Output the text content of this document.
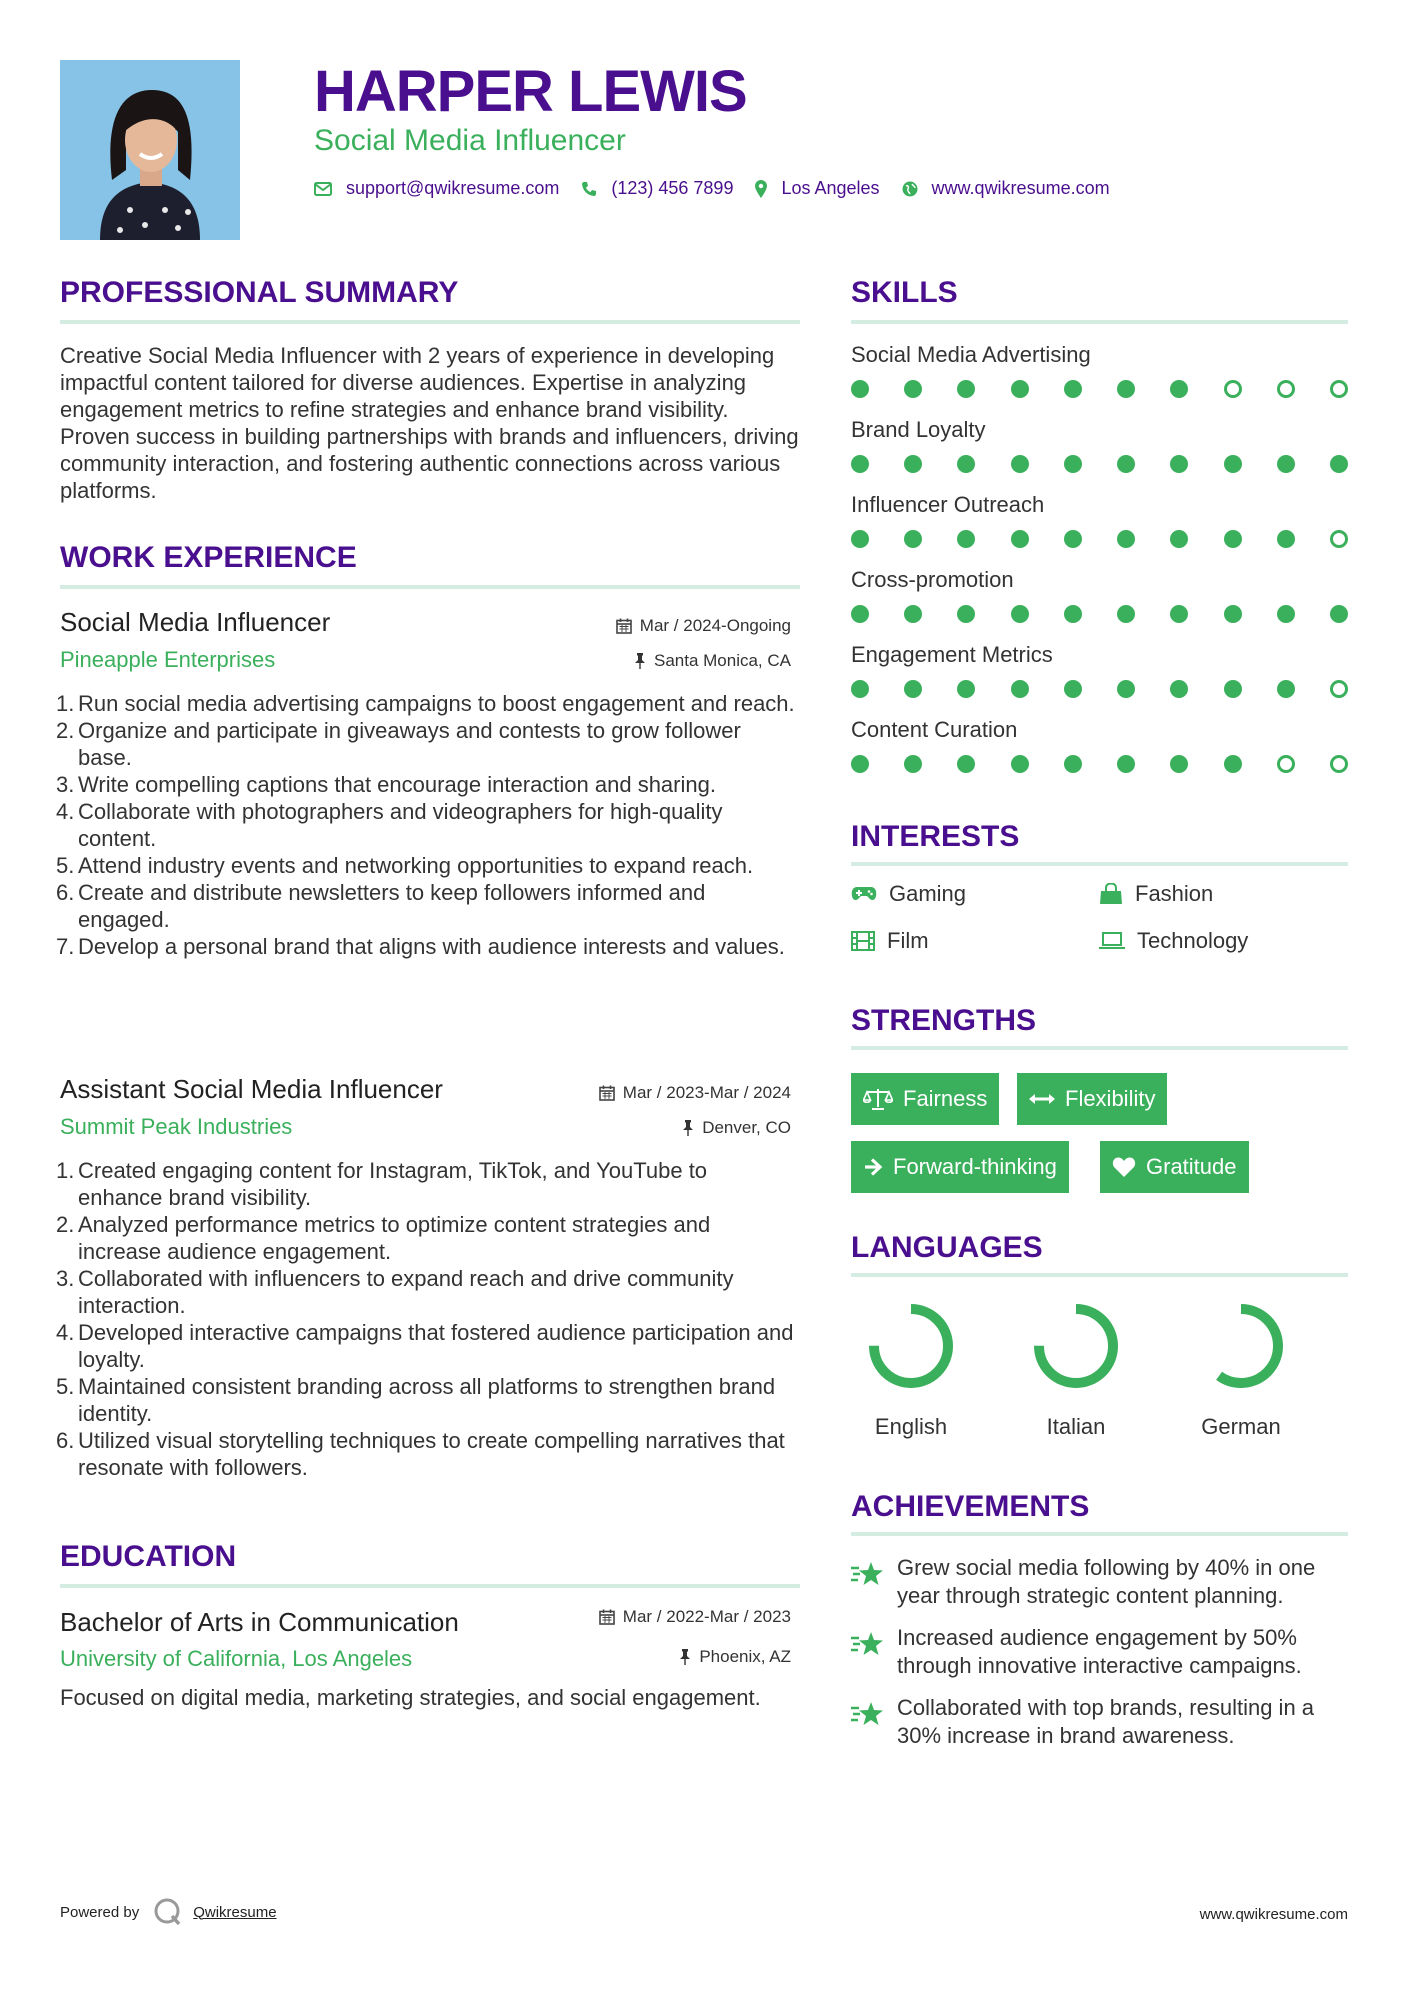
HARPER LEWIS
Social Media Influencer
support@qwikresume.com	(123) 456 7899	Los Angeles	www.qwikresume.com
PROFESSIONAL SUMMARY
Creative Social Media Influencer with 2 years of experience in developing impactful content tailored for diverse audiences. Expertise in analyzing engagement metrics to refine strategies and enhance brand visibility. Proven success in building partnerships with brands and influencers, driving community interaction, and fostering authentic connections across various platforms.
WORK EXPERIENCE
Social Media Influencer	Mar / 2024-Ongoing
Pineapple Enterprises	Santa Monica, CA
1. Run social media advertising campaigns to boost engagement and reach.
2. Organize and participate in giveaways and contests to grow follower base.
3. Write compelling captions that encourage interaction and sharing.
4. Collaborate with photographers and videographers for high-quality content.
5. Attend industry events and networking opportunities to expand reach.
6. Create and distribute newsletters to keep followers informed and engaged.
7. Develop a personal brand that aligns with audience interests and values.
Assistant Social Media Influencer	Mar / 2023-Mar / 2024
Summit Peak Industries	Denver, CO
1. Created engaging content for Instagram, TikTok, and YouTube to enhance brand visibility.
2. Analyzed performance metrics to optimize content strategies and increase audience engagement.
3. Collaborated with influencers to expand reach and drive community interaction.
4. Developed interactive campaigns that fostered audience participation and loyalty.
5. Maintained consistent branding across all platforms to strengthen brand identity.
6. Utilized visual storytelling techniques to create compelling narratives that resonate with followers.
EDUCATION
Bachelor of Arts in Communication	Mar / 2022-Mar / 2023
University of California, Los Angeles	Phoenix, AZ
Focused on digital media, marketing strategies, and social engagement.
SKILLS
Social Media Advertising
Brand Loyalty
Influencer Outreach
Cross-promotion
Engagement Metrics
Content Curation
INTERESTS
Gaming	Fashion
Film	Technology
STRENGTHS
Fairness	Flexibility
Forward-thinking	Gratitude
LANGUAGES
English	Italian	German
ACHIEVEMENTS
Grew social media following by 40% in one year through strategic content planning.
Increased audience engagement by 50% through innovative interactive campaigns.
Collaborated with top brands, resulting in a 30% increase in brand awareness.
Powered by	Qwikresume	www.qwikresume.com
